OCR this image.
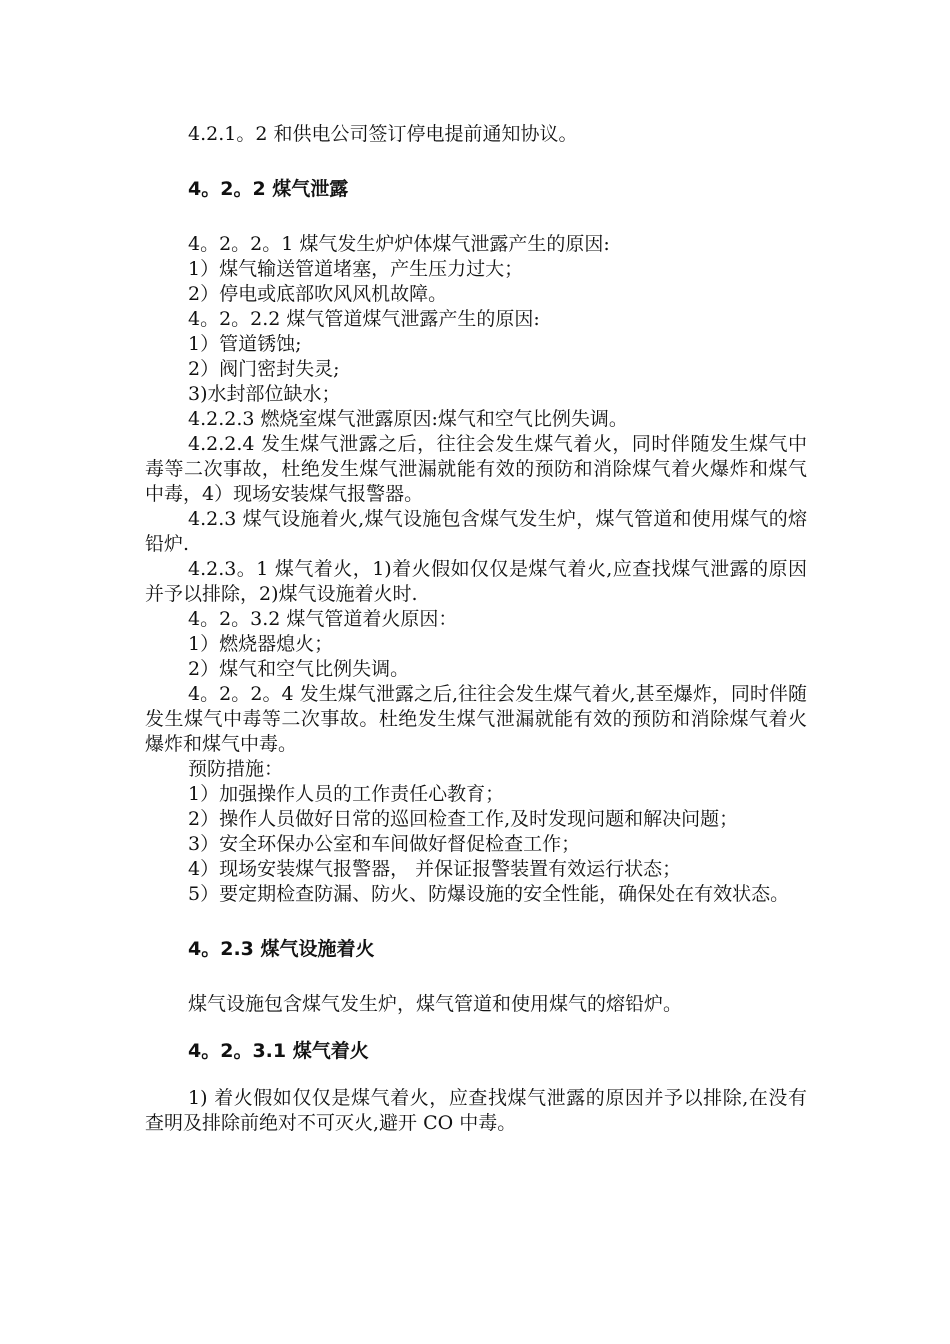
4.2.1。2 和供电公司签订停电提前通知协议。

4。2。2 煤气泄露

4。2。2。1 煤气发生炉炉体煤气泄露产生的原因:

1）煤气输送管道堵塞，产生压力过大；

2）停电或底部吹风风机故障。

4。2。2.2 煤气管道煤气泄露产生的原因:

1）管道锈蚀;

2）阀门密封失灵;

3)水封部位缺水；

4.2.2.3 燃烧室煤气泄露原因:煤气和空气比例失调。

4.2.2.4 发生煤气泄露之后，往往会发生煤气着火，同时伴随发生煤气中毒等二次事故，杜绝发生煤气泄漏就能有效的预防和消除煤气着火爆炸和煤气中毒，4）现场安装煤气报警器。

4.2.3 煤气设施着火,煤气设施包含煤气发生炉，煤气管道和使用煤气的熔铅炉.

4.2.3。1 煤气着火，1)着火假如仅仅是煤气着火,应查找煤气泄露的原因并予以排除，2)煤气设施着火时.

4。2。3.2 煤气管道着火原因：

1）燃烧器熄火；

2）煤气和空气比例失调。

4。2。2。4 发生煤气泄露之后,往往会发生煤气着火,甚至爆炸，同时伴随发生煤气中毒等二次事故。杜绝发生煤气泄漏就能有效的预防和消除煤气着火爆炸和煤气中毒。

预防措施：

1）加强操作人员的工作责任心教育；

2）操作人员做好日常的巡回检查工作,及时发现问题和解决问题；

3）安全环保办公室和车间做好督促检查工作；

4）现场安装煤气报警器， 并保证报警装置有效运行状态；

5）要定期检查防漏、防火、防爆设施的安全性能，确保处在有效状态。

4。2.3 煤气设施着火

煤气设施包含煤气发生炉，煤气管道和使用煤气的熔铅炉。

4。2。3.1 煤气着火

1) 着火假如仅仅是煤气着火，应查找煤气泄露的原因并予以排除,在没有查明及排除前绝对不可灭火,避开 CO 中毒。
